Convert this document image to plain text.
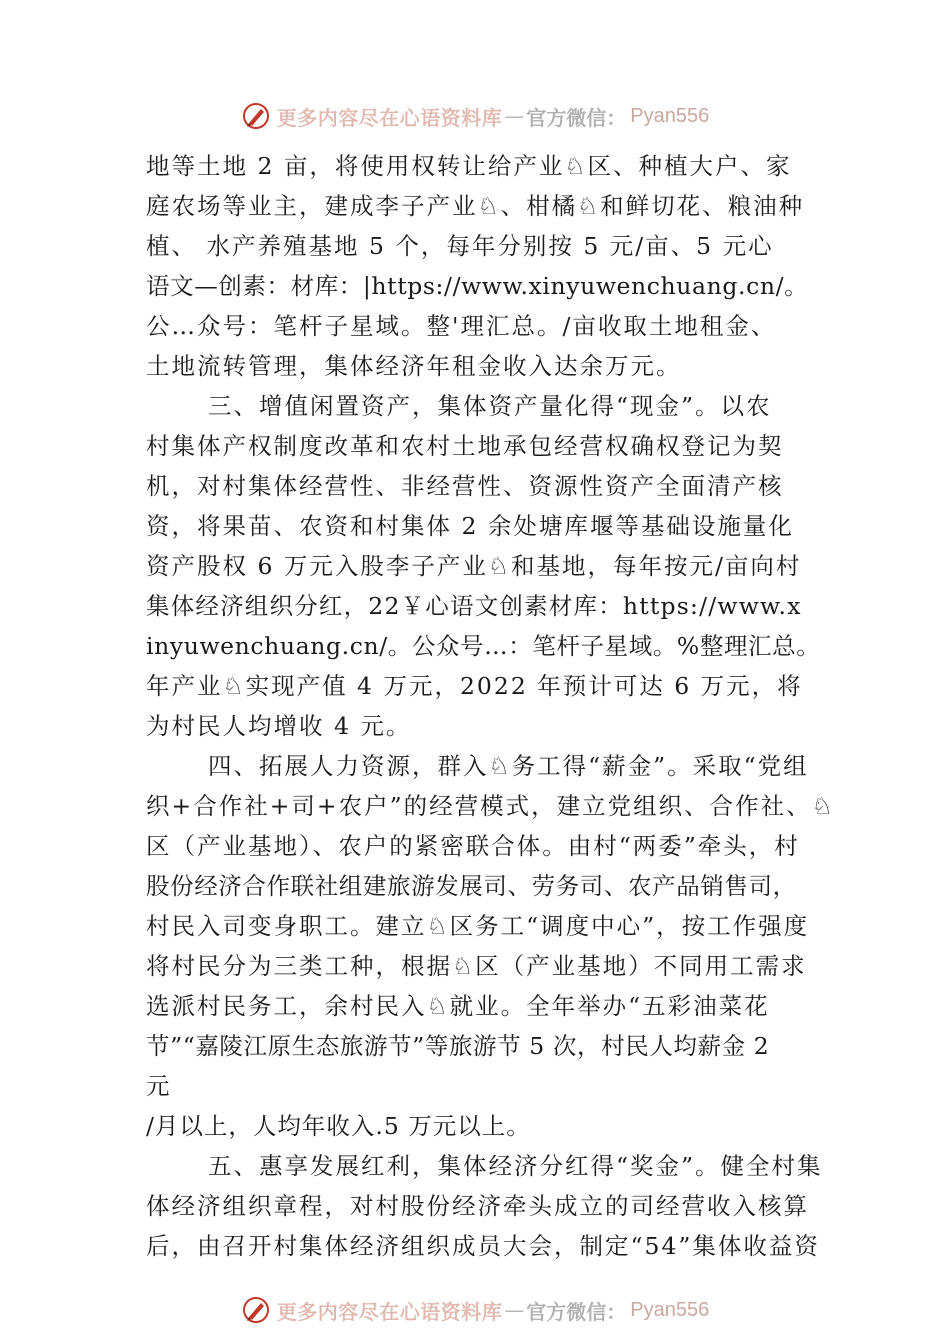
更多内容尽在心语资料库 — 官方微信： Pyan556
地等土地 2 亩，将使用权转让给产业♘区、种植大户、家
庭农场等业主，建成李子产业♘、柑橘♘和鲜切花、粮油种
植、 水产养殖基地 5 个，每年分别按 5 元/亩、5 元心
语文—创素：材库：|https://www.xinyuwenchuang.cn/。
公…众号：笔杆子星域。整'理汇总。/亩收取土地租金、
土地流转管理，集体经济年租金收入达余万元。
三、增值闲置资产，集体资产量化得“现金”。以农
村集体产权制度改革和农村土地承包经营权确权登记为契
机，对村集体经营性、非经营性、资源性资产全面清产核
资，将果苗、农资和村集体 2 余处塘库堰等基础设施量化
资产股权 6 万元入股李子产业♘和基地，每年按元/亩向村
集体经济组织分红，22￥心语文创素材库：https://www.x
inyuwenchuang.cn/。公众号…：笔杆子星域。%整理汇总。
年产业♘实现产值 4 万元，2022 年预计可达 6 万元，将
为村民人均增收 4 元。
四、拓展人力资源，群入♘务工得“薪金”。采取“党组
织+合作社+司+农户”的经营模式，建立党组织、合作社、♘
区（产业基地）、农户的紧密联合体。由村“两委”牵头，村
股份经济合作联社组建旅游发展司、劳务司、农产品销售司，
村民入司变身职工。建立♘区务工“调度中心”，按工作强度
将村民分为三类工种，根据♘区（产业基地）不同用工需求
选派村民务工，余村民入♘就业。全年举办“五彩油菜花
节”“嘉陵江原生态旅游节”等旅游节 5 次，村民人均薪金 2
元
/月以上，人均年收入.5 万元以上。
五、惠享发展红利，集体经济分红得“奖金”。健全村集
体经济组织章程，对村股份经济牵头成立的司经营收入核算
后，由召开村集体经济组织成员大会，制定“54”集体收益资
更多内容尽在心语资料库 — 官方微信： Pyan556
